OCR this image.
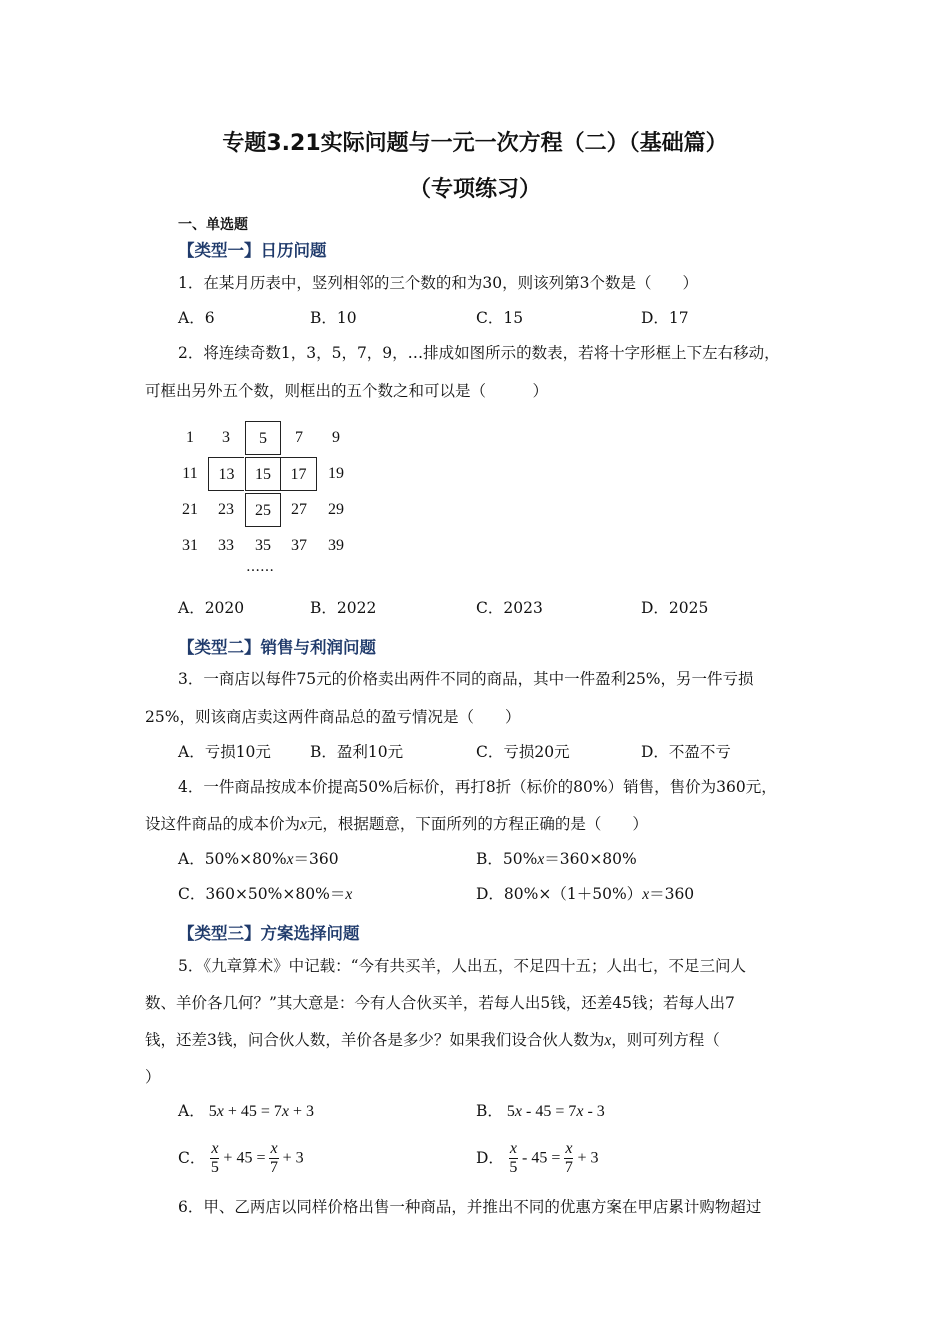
专题3.21实际问题与一元一次方程（二）（基础篇）
（专项练习）
一、单选题
【类型一】日历问题
1．在某月历表中，竖列相邻的三个数的和为30，则该列第3个数是（　　）
A．6	B．10	C．15	D．17
2．将连续奇数1，3，5，7，9，…排成如图所示的数表，若将十字形框上下左右移动，
可框出另外五个数，则框出的五个数之和可以是（　　　）
1	3	5	7	9
11	13	15	17	19
21	23	25	27	29
31	33	35	37	39
……
A．2020	B．2022	C．2023	D．2025
【类型二】销售与利润问题
3．一商店以每件75元的价格卖出两件不同的商品，其中一件盈利25%，另一件亏损
25%，则该商店卖这两件商品总的盈亏情况是（　　）
A．亏损10元	B．盈利10元	C．亏损20元	D．不盈不亏
4．一件商品按成本价提高50%后标价，再打8折（标价的80%）销售，售价为360元，
设这件商品的成本价为x元，根据题意，下面所列的方程正确的是（　　）
A．50%×80%x＝360	B．50%x＝360×80%
C．360×50%×80%＝x	D．80%×（1＋50%）x＝360
【类型三】方案选择问题
5．《九章算术》中记载：“今有共买羊，人出五，不足四十五；人出七，不足三问人
数、羊价各几何？”其大意是：今有人合伙买羊，若每人出5钱，还差45钱；若每人出7
钱，还差3钱，问合伙人数，羊价各是多少？如果我们设合伙人数为x，则可列方程（
）
A． 5x + 45 = 7x + 3	B． 5x - 45 = 7x - 3
C． $\frac{x}{5} + 45 = \frac{x}{7} + 3$	D． $\frac{x}{5} - 45 = \frac{x}{7} + 3$
6．甲、乙两店以同样价格出售一种商品，并推出不同的优惠方案在甲店累计购物超过
